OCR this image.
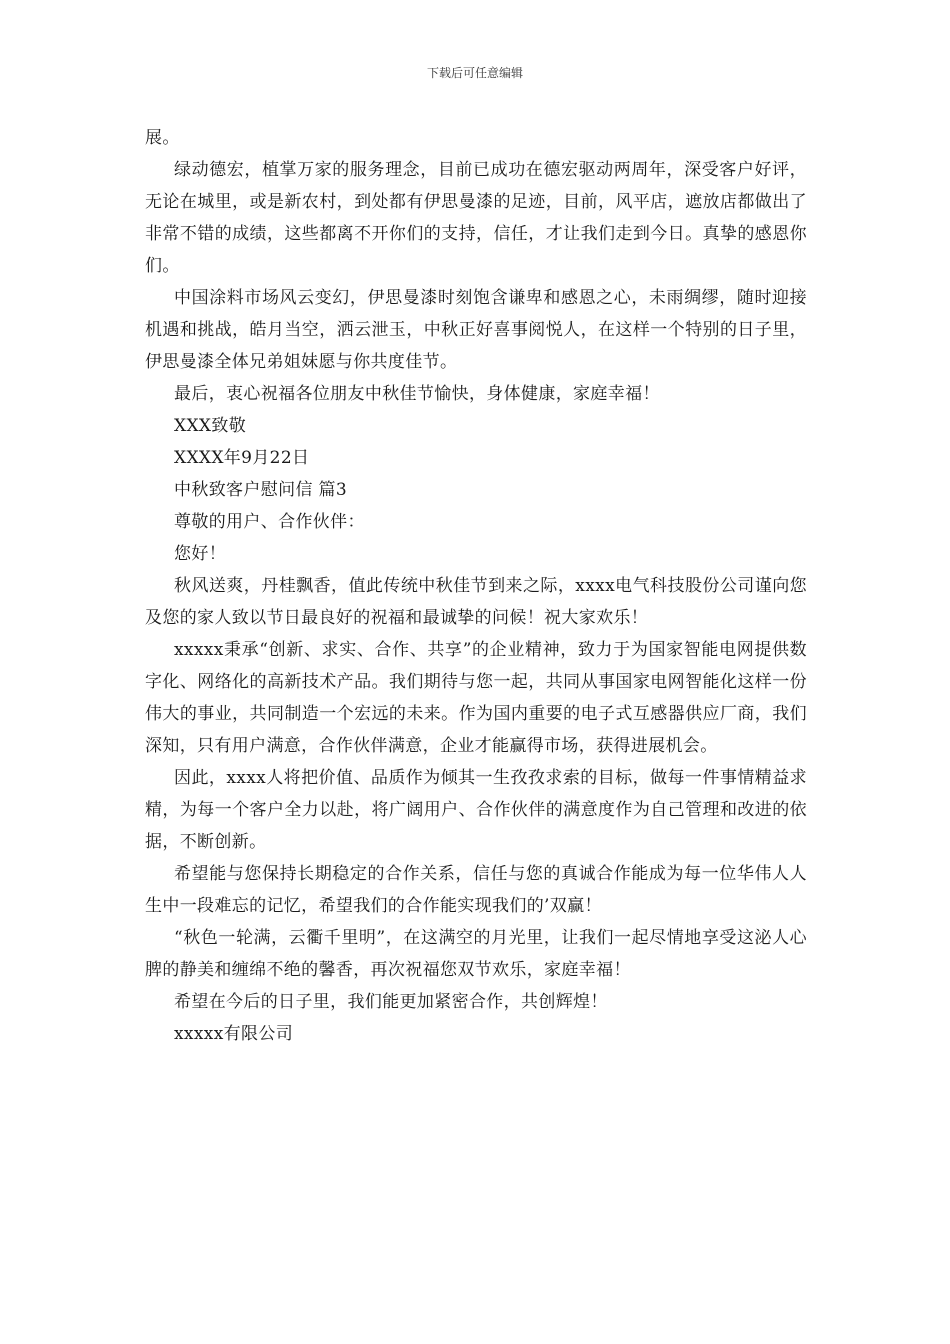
下载后可任意编辑

展。

绿动德宏，植掌万家的服务理念，目前已成功在德宏驱动两周年，深受客户好评，无论在城里，或是新农村，到处都有伊思曼漆的足迹，目前，风平店，遮放店都做出了非常不错的成绩，这些都离不开你们的支持，信任，才让我们走到今日。真挚的感恩你们。

中国涂料市场风云变幻，伊思曼漆时刻饱含谦卑和感恩之心，未雨绸缪，随时迎接机遇和挑战，皓月当空，洒云泄玉，中秋正好喜事阅悦人，在这样一个特别的日子里，伊思曼漆全体兄弟姐妹愿与你共度佳节。

最后，衷心祝福各位朋友中秋佳节愉快，身体健康，家庭幸福！

XXX致敬

XXXX年9月22日

中秋致客户慰问信 篇3

尊敬的用户、合作伙伴：

您好！

秋风送爽，丹桂飘香，值此传统中秋佳节到来之际，xxxx电气科技股份公司谨向您及您的家人致以节日最良好的祝福和最诚挚的问候！祝大家欢乐！

xxxxx秉承“创新、求实、合作、共享”的企业精神，致力于为国家智能电网提供数字化、网络化的高新技术产品。我们期待与您一起，共同从事国家电网智能化这样一份伟大的事业，共同制造一个宏远的未来。作为国内重要的电子式互感器供应厂商，我们深知，只有用户满意，合作伙伴满意，企业才能赢得市场，获得进展机会。

因此，xxxx人将把价值、品质作为倾其一生孜孜求索的目标，做每一件事情精益求精，为每一个客户全力以赴，将广阔用户、合作伙伴的满意度作为自己管理和改进的依据，不断创新。

希望能与您保持长期稳定的合作关系，信任与您的真诚合作能成为每一位华伟人人生中一段难忘的记忆，希望我们的合作能实现我们的’双赢！

“秋色一轮满，云衢千里明”，在这满空的月光里，让我们一起尽情地享受这泌人心脾的静美和缠绵不绝的馨香，再次祝福您双节欢乐，家庭幸福！

希望在今后的日子里，我们能更加紧密合作，共创辉煌！

xxxxx有限公司
